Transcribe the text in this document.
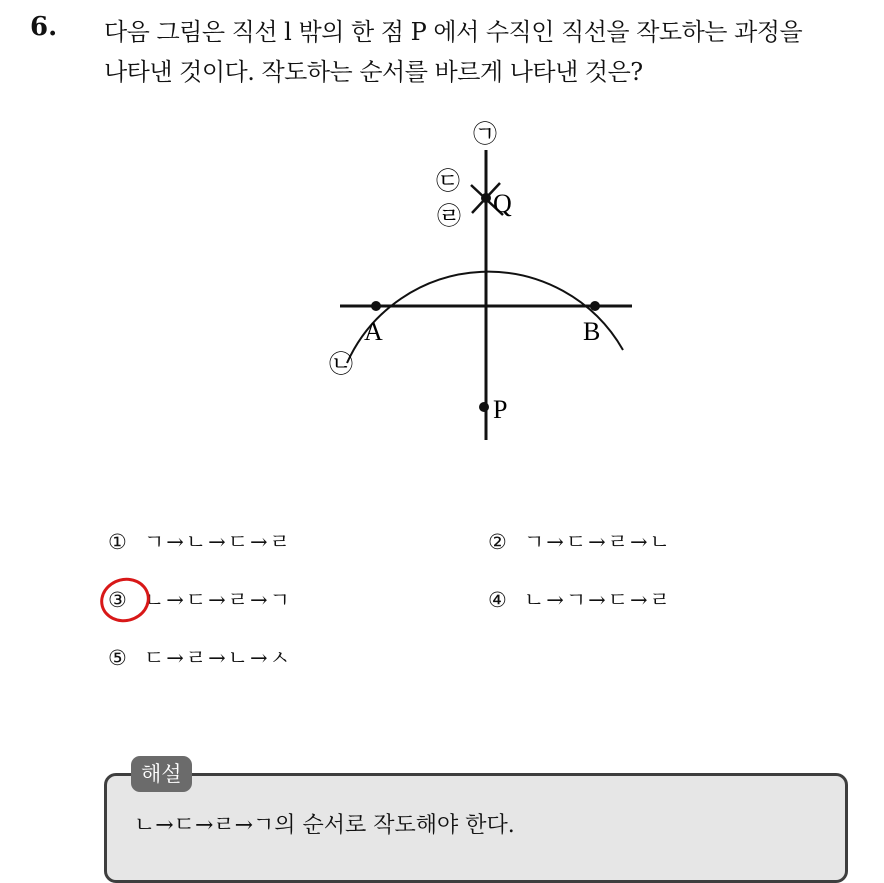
6. 다음 그림은 직선 l 밖의 한 점 P 에서 수직인 직선을 작도하는 과정을
나타낸 것이다. 작도하는 순서를 바르게 나타낸 것은?
A	B
P
Q
㉠
㉢
㉣
㉡
① ㄱ→ㄴ→ㄷ→ㄹ	② ㄱ→ㄷ→ㄹ→ㄴ
③ ㄴ→ㄷ→ㄹ→ㄱ	④ ㄴ→ㄱ→ㄷ→ㄹ
⑤ ㄷ→ㄹ→ㄴ→ㅅ
해설
ㄴ→ㄷ→ㄹ→ㄱ의 순서로 작도해야 한다.
